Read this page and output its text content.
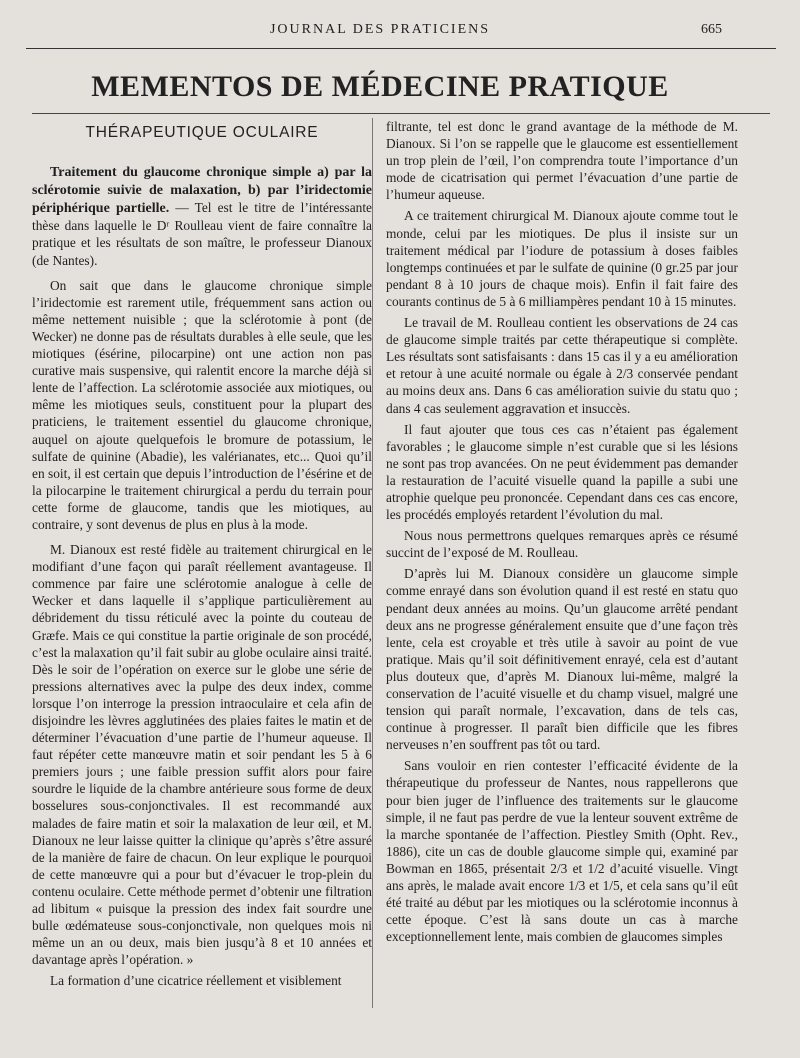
JOURNAL DES PRATICIENS	665
MEMENTOS DE MÉDECINE PRATIQUE
THÉRAPEUTIQUE OCULAIRE

Traitement du glaucome chronique simple a) par la sclérotomie suivie de malaxation, b) par l’iridectomie périphérique partielle. — Tel est le titre de l’intéressante thèse dans laquelle le Dʳ Roulleau vient de faire connaître la pratique et les résultats de son maître, le professeur Dianoux (de Nantes).

On sait que dans le glaucome chronique simple l’iridectomie est rarement utile, fréquemment sans action ou même nettement nuisible ; que la sclérotomie à pont (de Wecker) ne donne pas de résultats durables à elle seule, que les miotiques (ésérine, pilocarpine) ont une action non pas curative mais suspensive, qui ralentit encore la marche déjà si lente de l’affection. La sclérotomie associée aux miotiques, ou même les miotiques seuls, constituent pour la plupart des praticiens, le traitement essentiel du glaucome chronique, auquel on ajoute quelquefois le bromure de potassium, le sulfate de quinine (Abadie), les valérianates, etc... Quoi qu’il en soit, il est certain que depuis l’introduction de l’ésérine et de la pilocarpine le traitement chirurgical a perdu du terrain pour cette forme de glaucome, tandis que les miotiques, au contraire, y sont devenus de plus en plus à la mode.

M. Dianoux est resté fidèle au traitement chirurgical en le modifiant d’une façon qui paraît réellement avantageuse. Il commence par faire une sclérotomie analogue à celle de Wecker et dans laquelle il s’applique particulièrement au débridement du tissu réticulé avec la pointe du couteau de Græfe. Mais ce qui constitue la partie originale de son procédé, c’est la malaxation qu’il fait subir au globe oculaire ainsi traité. Dès le soir de l’opération on exerce sur le globe une série de pressions alternatives avec la pulpe des deux index, comme lorsque l’on interroge la pression intraoculaire et cela afin de disjoindre les lèvres agglutinées des plaies faites le matin et de déterminer l’évacuation d’une partie de l’humeur aqueuse. Il faut répéter cette manœuvre matin et soir pendant les 5 à 6 premiers jours ; une faible pression suffit alors pour faire sourdre le liquide de la chambre antérieure sous forme de deux bosselures sous-conjonctivales. Il est recommandé aux malades de faire matin et soir la malaxation de leur œil, et M. Dianoux ne leur laisse quitter la clinique qu’après s’être assuré de la manière de faire de chacun. On leur explique le pourquoi de cette manœuvre qui a pour but d’évacuer le trop-plein du contenu oculaire. Cette méthode permet d’obtenir une filtration ad libitum « puisque la pression des index fait sourdre une bulle œdémateuse sous-conjonctivale, non quelques mois ni même un an ou deux, mais bien jusqu’à 8 et 10 années et davantage après l’opération. »

La formation d’une cicatrice réellement et visiblement

filtrante, tel est donc le grand avantage de la méthode de M. Dianoux. Si l’on se rappelle que le glaucome est essentiellement un trop plein de l’œil, l’on comprendra toute l’importance d’un mode de cicatrisation qui permet l’évacuation d’une partie de l’humeur aqueuse.

A ce traitement chirurgical M. Dianoux ajoute comme tout le monde, celui par les miotiques. De plus il insiste sur un traitement médical par l’iodure de potassium à doses faibles longtemps continuées et par le sulfate de quinine (0 gr.25 par jour pendant 8 à 10 jours de chaque mois). Enfin il fait faire des courants continus de 5 à 6 milliampères pendant 10 à 15 minutes.

Le travail de M. Roulleau contient les observations de 24 cas de glaucome simple traités par cette thérapeutique si complète. Les résultats sont satisfaisants : dans 15 cas il y a eu amélioration et retour à une acuité normale ou égale à 2/3 conservée pendant au moins deux ans. Dans 6 cas amélioration suivie du statu quo ; dans 4 cas seulement aggravation et insuccès.

Il faut ajouter que tous ces cas n’étaient pas également favorables ; le glaucome simple n’est curable que si les lésions ne sont pas trop avancées. On ne peut évidemment pas demander la restauration de l’acuité visuelle quand la papille a subi une atrophie quelque peu prononcée. Cependant dans ces cas encore, les procédés employés retardent l’évolution du mal.

Nous nous permettrons quelques remarques après ce résumé succint de l’exposé de M. Roulleau.

D’après lui M. Dianoux considère un glaucome simple comme enrayé dans son évolution quand il est resté en statu quo pendant deux années au moins. Qu’un glaucome arrêté pendant deux ans ne progresse généralement ensuite que d’une façon très lente, cela est croyable et très utile à savoir au point de vue pratique. Mais qu’il soit définitivement enrayé, cela est d’autant plus douteux que, d’après M. Dianoux lui-même, malgré la conservation de l’acuité visuelle et du champ visuel, malgré une tension qui paraît normale, l’excavation, dans de tels cas, continue à progresser. Il paraît bien difficile que les fibres nerveuses n’en souffrent pas tôt ou tard.

Sans vouloir en rien contester l’efficacité évidente de la thérapeutique du professeur de Nantes, nous rappellerons que pour bien juger de l’influence des traitements sur le glaucome simple, il ne faut pas perdre de vue la lenteur souvent extrême de la marche spontanée de l’affection. Piestley Smith (Opht. Rev., 1886), cite un cas de double glaucome simple qui, examiné par Bowman en 1865, présentait 2/3 et 1/2 d’acuité visuelle. Vingt ans après, le malade avait encore 1/3 et 1/5, et cela sans qu’il eût été traité au début par les miotiques ou la sclérotomie inconnus à cette époque. C’est là sans doute un cas à marche exceptionnellement lente, mais combien de glaucomes simples
